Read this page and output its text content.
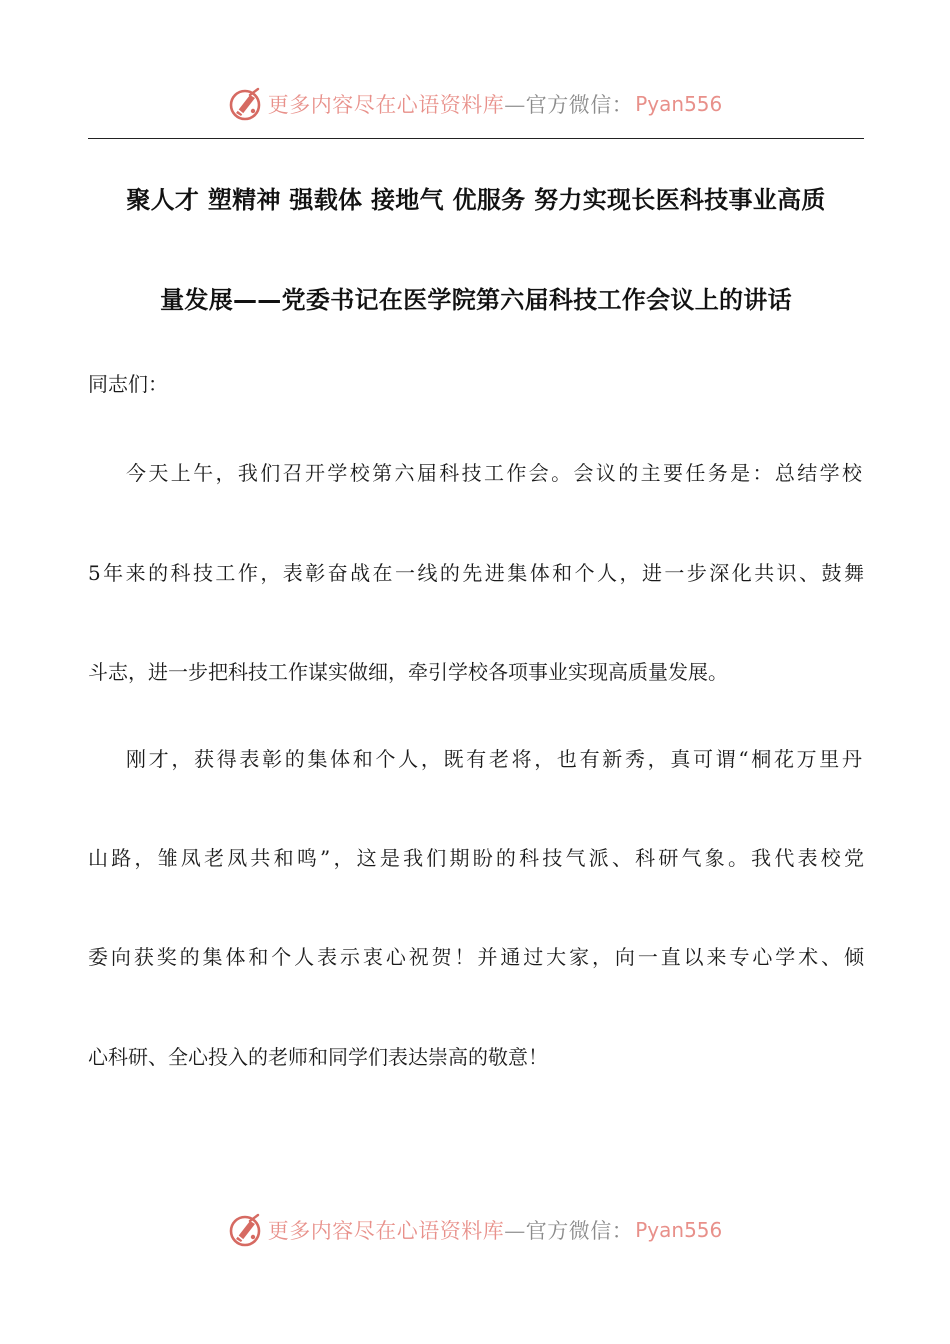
更多内容尽在心语资料库—官方微信： Pyan556
聚人才 塑精神 强载体 接地气 优服务 努力实现长医科技事业高质
量发展——党委书记在医学院第六届科技工作会议上的讲话
同志们：
今天上午，我们召开学校第六届科技工作会。会议的主要任务是：总结学校
5年来的科技工作，表彰奋战在一线的先进集体和个人，进一步深化共识、鼓舞
斗志，进一步把科技工作谋实做细，牵引学校各项事业实现高质量发展。
刚才，获得表彰的集体和个人，既有老将，也有新秀，真可谓“桐花万里丹
山路，雏凤老凤共和鸣”，这是我们期盼的科技气派、科研气象。我代表校党
委向获奖的集体和个人表示衷心祝贺！并通过大家，向一直以来专心学术、倾
心科研、全心投入的老师和同学们表达崇高的敬意！
更多内容尽在心语资料库—官方微信： Pyan556
